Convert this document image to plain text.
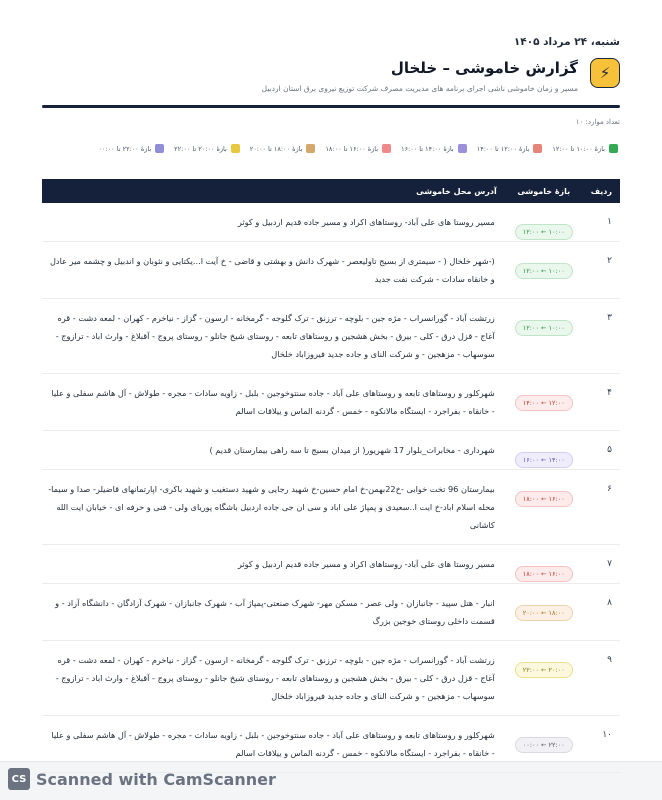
شنبه، ۲۴ مرداد ۱۴۰۵
⚡
گزارش خاموشی – خلخال
مسیر و زمان خاموشی ناشی اجرای برنامه های مدیریت مصرف شرکت توزیع نیروی برق استان اردبیل
تعداد موارد: ۱۰
بازهٔ ۱۰:۰۰ تا ۱۲:۰۰
بازهٔ ۱۲:۰۰ تا ۱۴:۰۰
بازهٔ ۱۴:۰۰ تا ۱۶:۰۰
بازهٔ ۱۶:۰۰ تا ۱۸:۰۰
بازهٔ ۱۸:۰۰ تا ۲۰:۰۰
بازهٔ ۲۰:۰۰ تا ۲۲:۰۰
بازهٔ ۲۲:۰۰ تا ۰۰:۰۰
ردیف	بازهٔ خاموشی	آدرس محل خاموشی
۱	۱۰:۰۰ ← ۱۲:۰۰	مسیر روستا های علی آباد- روستاهای اکراد و مسیر جاده قدیم اردبیل و کوثر
۲	۱۰:۰۰ ← ۱۲:۰۰	(-شهر خلخال ( - سیمتری از بسیج تاولیعصر - شهرک دانش و بهشتی و قاضی - خ آیت ا...یکتایی و نثوبان و اندبیل و چشمه میر عادل و خانقاه سادات - شرکت نفت جدید
۳	۱۰:۰۰ ← ۱۲:۰۰	زرتشت آباد - گورانسراب - مژه جین - بلوچه - ترزنق - ترک گلوجه - گرمخانه - ارسون - گزاز - نیاخرم - کهران - لمعه دشت - قره آغاج - قزل درق - کلی - بیرق - بخش هشجین و روستاهای تابعه - روستای شیخ جانلو - روستای پروج - آقبلاغ - وارث اباد - ترازوج - سوسهاب - مزهجین - و شرکت النای و جاده جدید فیروزاباد خلخال
۴	۱۲:۰۰ ← ۱۴:۰۰	شهرکلور و روستاهای تابعه و روستاهای علی آباد - جاده سنتوخوجین - بلبل - زاویه سادات - مجره - طولاش - آل هاشم سفلی و علیا - خانقاه - بفراجرد - ایستگاه مالانکوه - خمس - گردنه الماس و ییلاقات اسالم
۵	۱۴:۰۰ ← ۱۶:۰۰	شهرداری - مخابرات_بلوار 17 شهریور( از میدان بسیج تا سه راهی بیمارستان قدیم )
۶	۱۶:۰۰ ← ۱۸:۰۰	بیمارستان 96 تخت خوابی -خ22بهمن-خ امام حسین-خ شهید رجایی و شهید دستغیب و شهید باکری- اپارتمانهای قاضیلر- صدا و سیما-محله اسلام اباد-خ ایت ا..سعیدی و پمپاژ علی اباد و سی ان جی جاده اردبیل باشگاه پوریای ولی - فنی و حرفه ای - خیابان ایت الله کاشانی
۷	۱۶:۰۰ ← ۱۸:۰۰	مسیر روستا های علی آباد- روستاهای اکراد و مسیر جاده قدیم اردبیل و کوثر
۸	۱۸:۰۰ ← ۲۰:۰۰	انبار - هتل سپید - جانبازان - ولی عصر - مسکن مهر- شهرک صنعتی-پمپاژ آب - شهرک جانبازان - شهرک آزادگان - دانشگاه آزاد - و قسمت داخلی روستای خوجین بزرگ
۹	۲۰:۰۰ ← ۲۲:۰۰	زرتشت آباد - گورانسراب - مژه جین - بلوچه - ترزنق - ترک گلوجه - گرمخانه - ارسون - گزاز - نیاخرم - کهران - لمعه دشت - قره آغاج - قزل درق - کلی - بیرق - بخش هشجین و روستاهای تابعه - روستای شیخ جانلو - روستای پروج - آقبلاغ - وارث اباد - ترازوج - سوسهاب - مزهجین - و شرکت النای و جاده جدید فیروزاباد خلخال
۱۰	۲۲:۰۰ ← ۰۰:۰۰	شهرکلور و روستاهای تابعه و روستاهای علی آباد - جاده سنتوخوجین - بلبل - زاویه سادات - مجره - طولاش - آل هاشم سفلی و علیا - خانقاه - بفراجرد - ایستگاه مالانکوه - خمس - گردنه الماس و ییلاقات اسالم
CS Scanned with CamScanner
